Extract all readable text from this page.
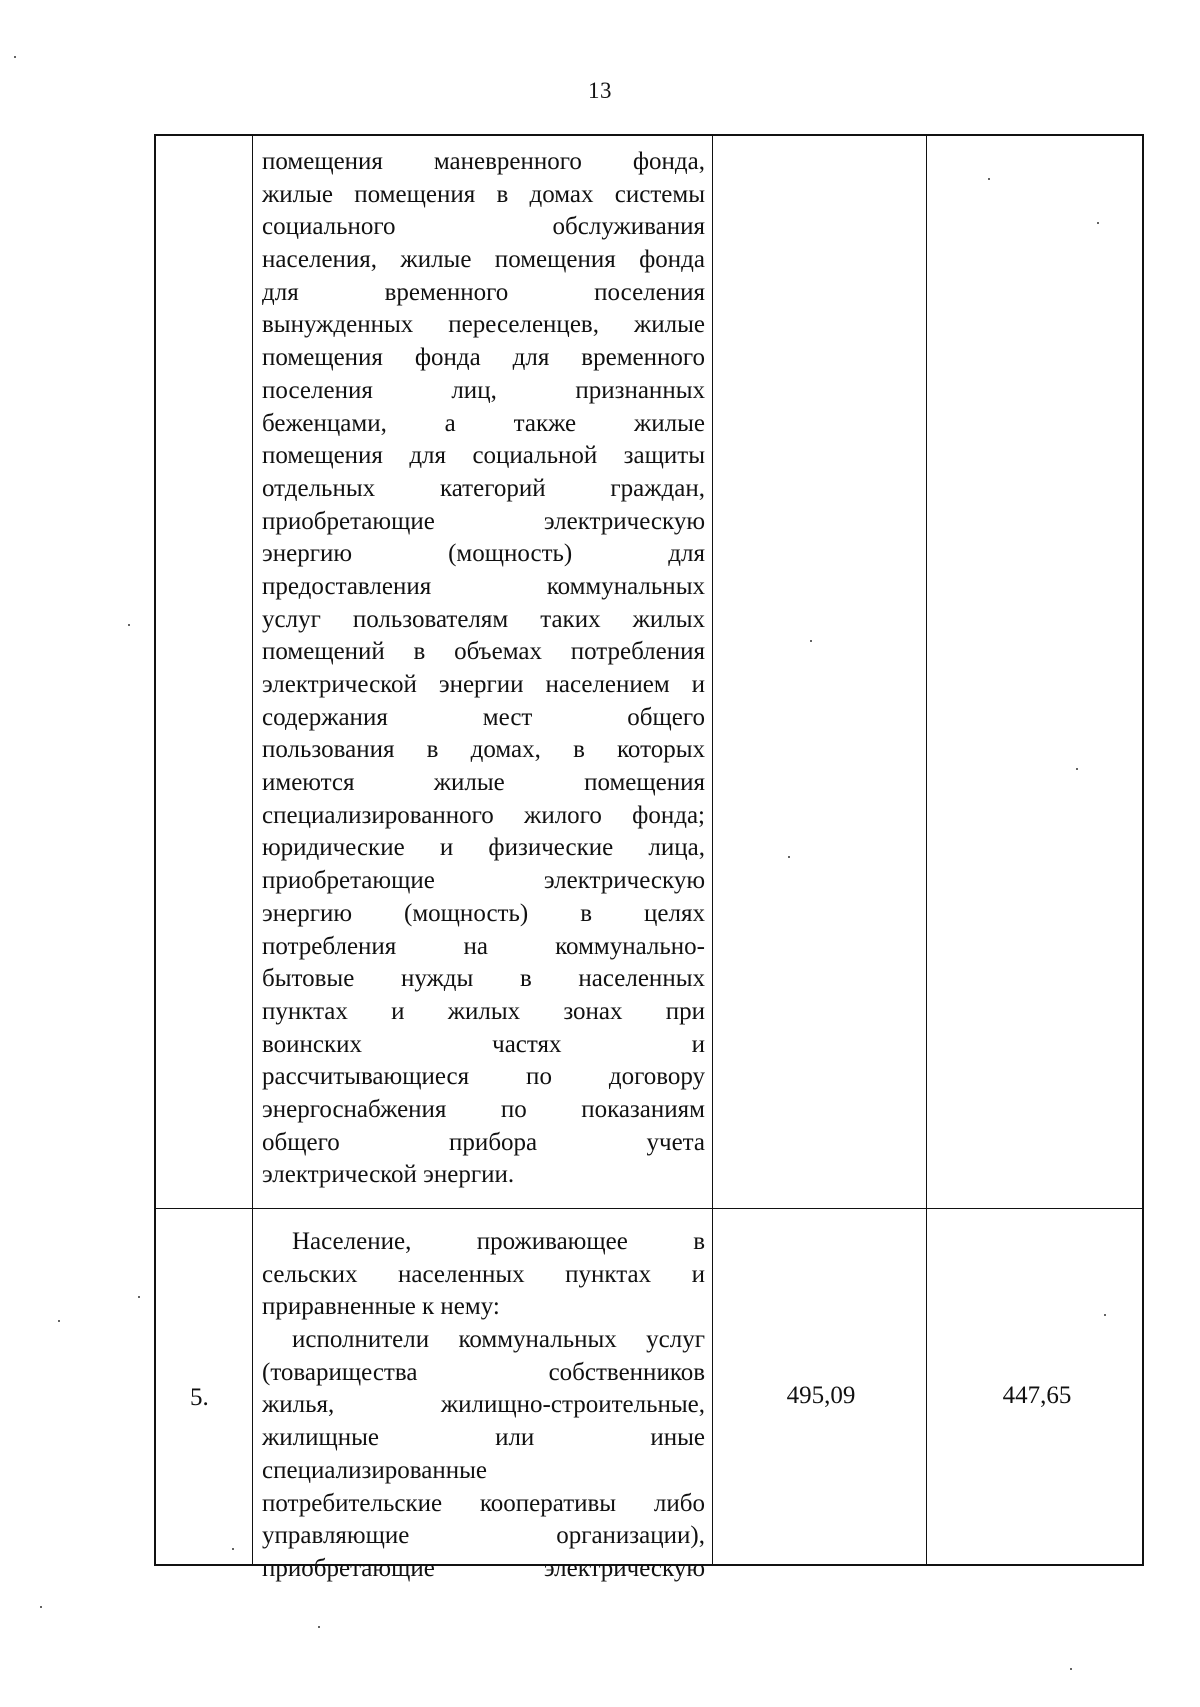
13
помещения маневренного фонда,
жилые помещения в домах системы
социального обслуживания
населения, жилые помещения фонда
для временного поселения
вынужденных переселенцев, жилые
помещения фонда для временного
поселения лиц, признанных
беженцами, а также жилые
помещения для социальной защиты
отдельных категорий граждан,
приобретающие электрическую
энергию (мощность) для
предоставления коммунальных
услуг пользователям таких жилых
помещений в объемах потребления
электрической энергии населением и
содержания мест общего
пользования в домах, в которых
имеются жилые помещения
специализированного жилого фонда;
юридические и физические лица,
приобретающие электрическую
энергию (мощность) в целях
потребления на коммунально-
бытовые нужды в населенных
пунктах и жилых зонах при
воинских частях и
рассчитывающиеся по договору
энергоснабжения по показаниям
общего прибора учета
электрической энергии.
5.
Население, проживающее в
сельских населенных пунктах и
приравненные к нему:
исполнители коммунальных услуг
(товарищества собственников
жилья, жилищно-строительные,
жилищные или иные
специализированные
потребительские кооперативы либо
управляющие организации),
приобретающие электрическую
495,09	447,65
